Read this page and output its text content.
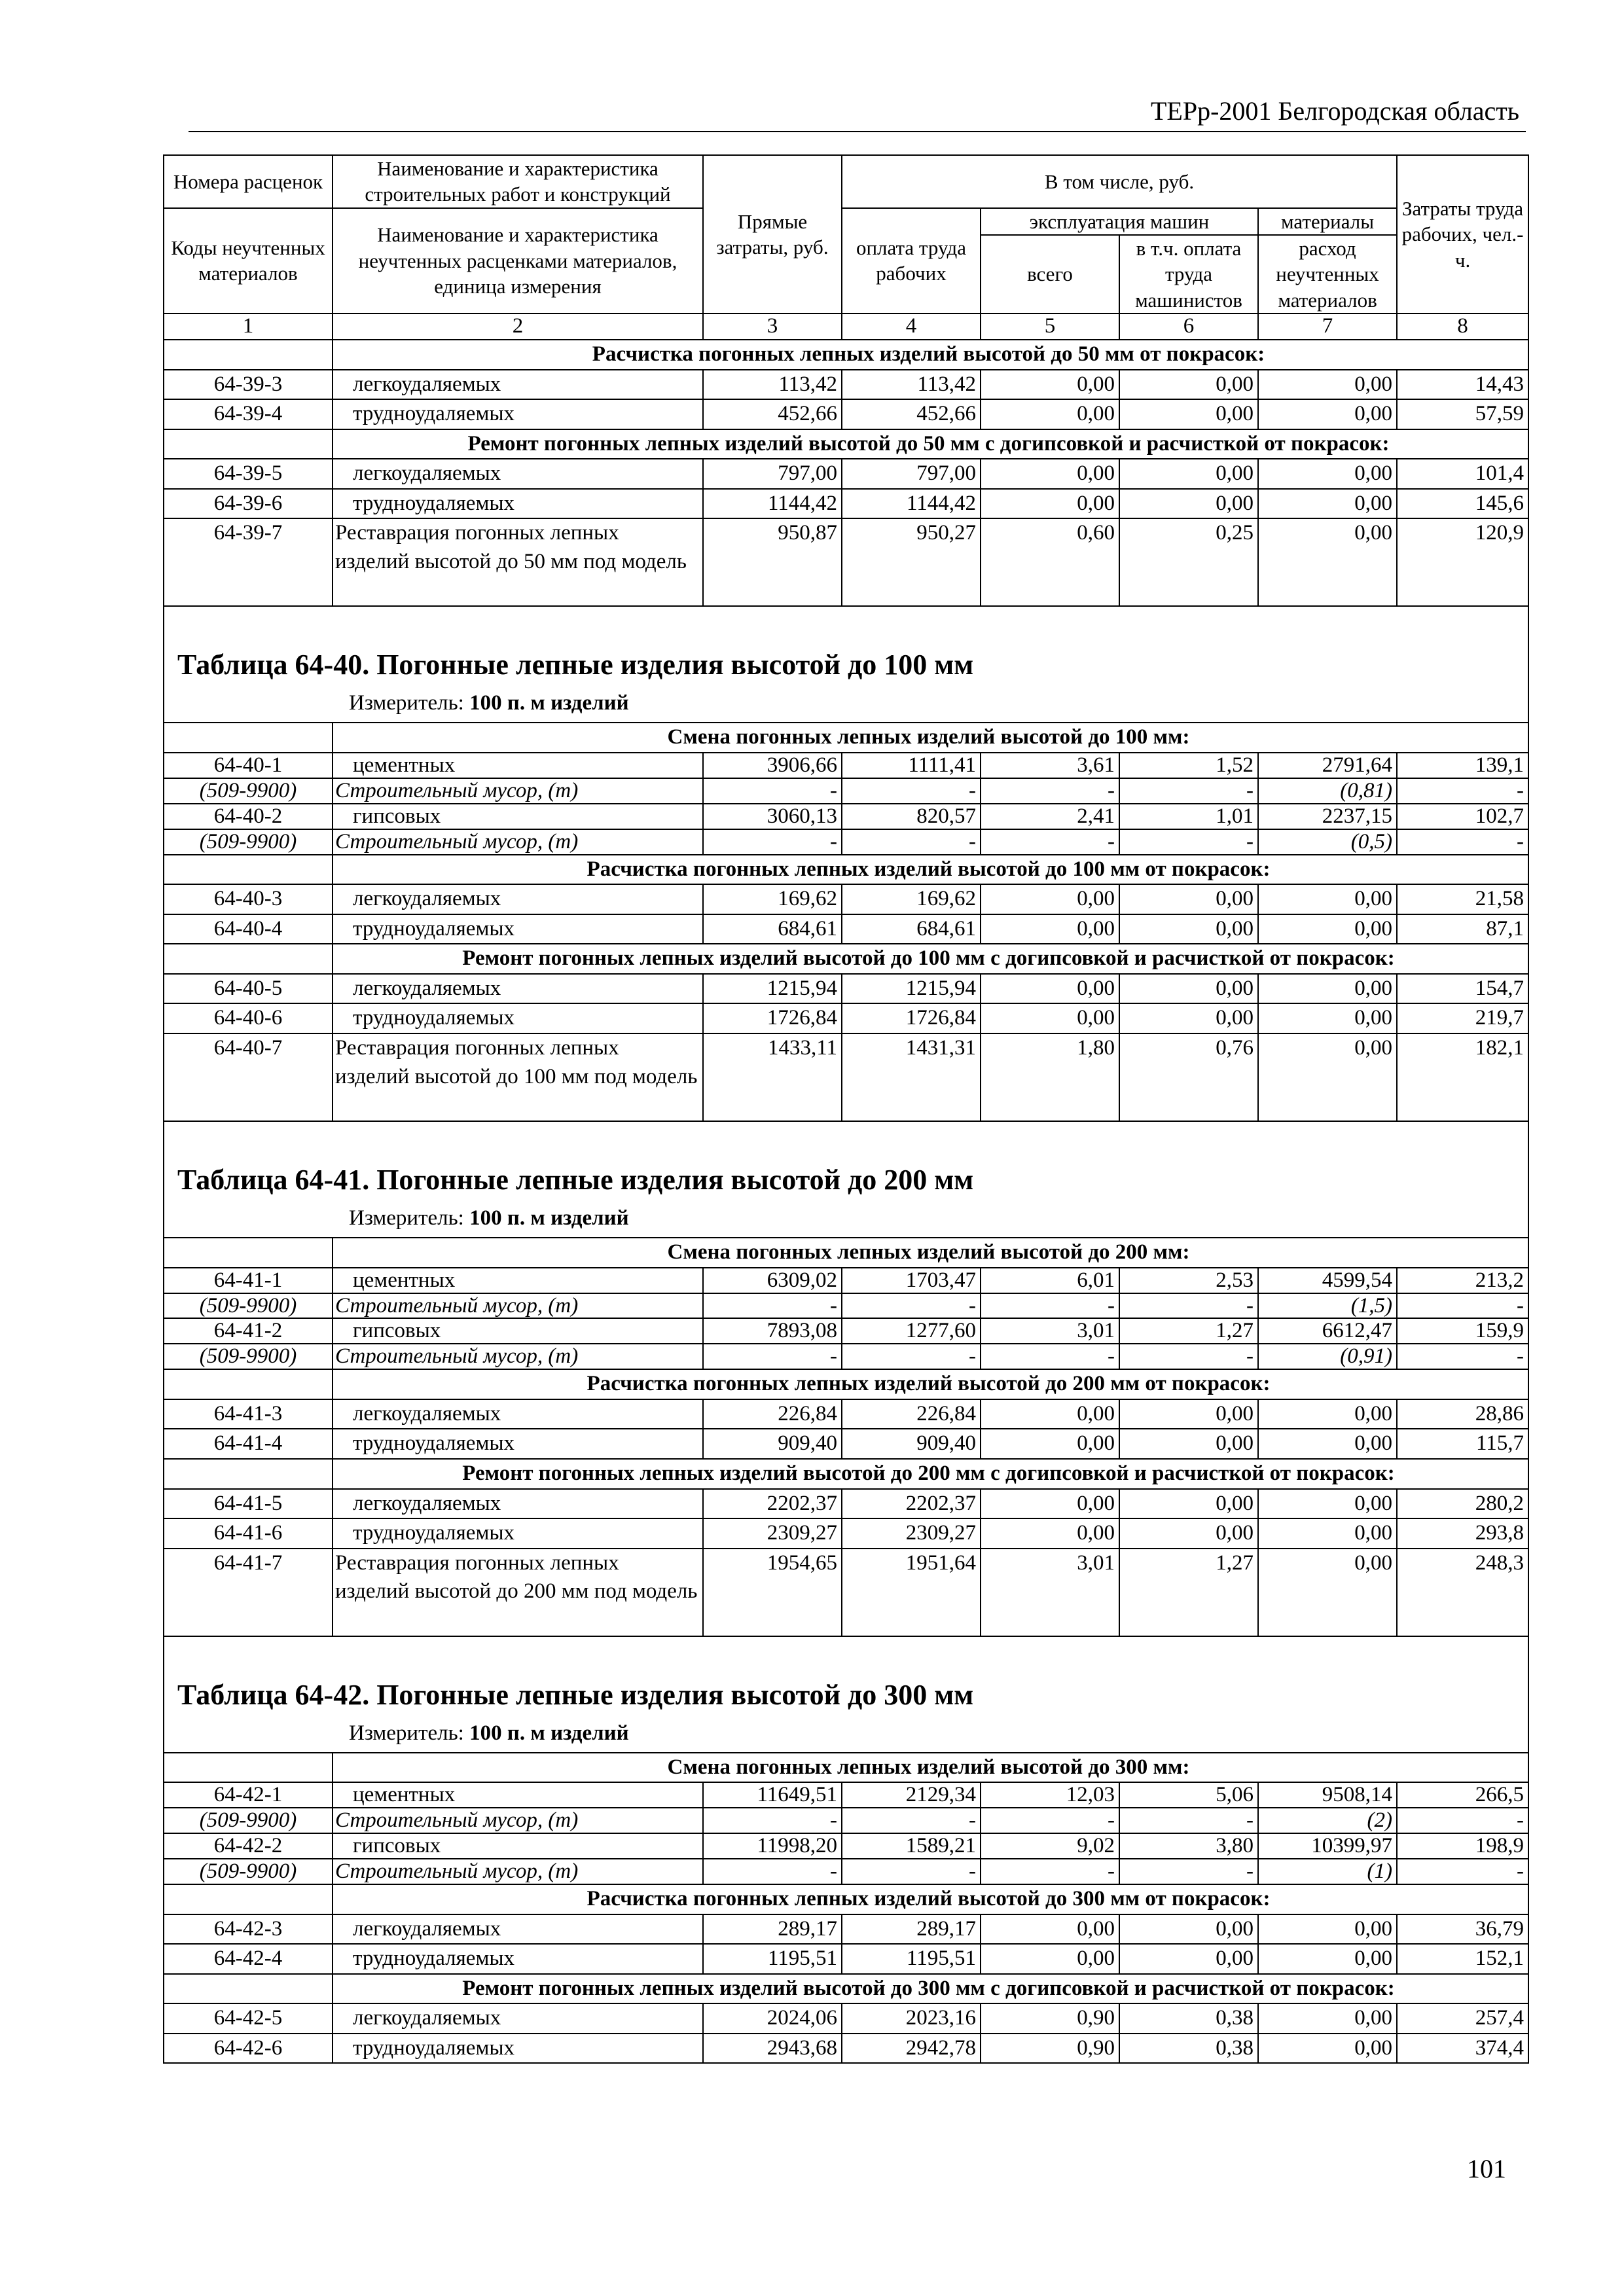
ТЕРр-2001 Белгородская область
Номера расценок	Наименование и характеристика строительных работ и конструкций	Прямые затраты, руб.	В том числе, руб.				Затраты труда рабочих, чел.-ч.
Коды неучтенных материалов	Наименование и характеристика неучтенных расценками материалов, единица измерения		оплата труда рабочих	эксплуатация машин		материалы	
				всего	в т.ч. оплата труда машинистов	расход неучтенных материалов	
1	2	3	4	5	6	7	8
	Расчистка погонных лепных изделий высотой до 50 мм от покрасок:						
64-39-3	легкоудаляемых	113,42	113,42	0,00	0,00	0,00	14,43
64-39-4	трудноудаляемых	452,66	452,66	0,00	0,00	0,00	57,59
	Ремонт погонных лепных изделий высотой до 50 мм с догипсовкой и расчисткой от покрасок:						
64-39-5	легкоудаляемых	797,00	797,00	0,00	0,00	0,00	101,4
64-39-6	трудноудаляемых	1144,42	1144,42	0,00	0,00	0,00	145,6
64-39-7	Реставрация погонных лепных изделий высотой до 50 мм под модель	950,87	950,27	0,60	0,25	0,00	120,9

Таблица 64-40. Погонные лепные изделия высотой до 100 мм							
Измеритель: 100 п. м изделий							
	Смена погонных лепных изделий высотой до 100 мм:						
64-40-1	цементных	3906,66	1111,41	3,61	1,52	2791,64	139,1
(509-9900)	Строительный мусор, (т)	-	-	-	-	(0,81)	-
64-40-2	гипсовых	3060,13	820,57	2,41	1,01	2237,15	102,7
(509-9900)	Строительный мусор, (т)	-	-	-	-	(0,5)	-
	Расчистка погонных лепных изделий высотой до 100 мм от покрасок:						
64-40-3	легкоудаляемых	169,62	169,62	0,00	0,00	0,00	21,58
64-40-4	трудноудаляемых	684,61	684,61	0,00	0,00	0,00	87,1
	Ремонт погонных лепных изделий высотой до 100 мм с догипсовкой и расчисткой от покрасок:						
64-40-5	легкоудаляемых	1215,94	1215,94	0,00	0,00	0,00	154,7
64-40-6	трудноудаляемых	1726,84	1726,84	0,00	0,00	0,00	219,7
64-40-7	Реставрация погонных лепных изделий высотой до 100 мм под модель	1433,11	1431,31	1,80	0,76	0,00	182,1

Таблица 64-41. Погонные лепные изделия высотой до 200 мм							
Измеритель: 100 п. м изделий							
	Смена погонных лепных изделий высотой до 200 мм:						
64-41-1	цементных	6309,02	1703,47	6,01	2,53	4599,54	213,2
(509-9900)	Строительный мусор, (т)	-	-	-	-	(1,5)	-
64-41-2	гипсовых	7893,08	1277,60	3,01	1,27	6612,47	159,9
(509-9900)	Строительный мусор, (т)	-	-	-	-	(0,91)	-
	Расчистка погонных лепных изделий высотой до 200 мм от покрасок:						
64-41-3	легкоудаляемых	226,84	226,84	0,00	0,00	0,00	28,86
64-41-4	трудноудаляемых	909,40	909,40	0,00	0,00	0,00	115,7
	Ремонт погонных лепных изделий высотой до 200 мм с догипсовкой и расчисткой от покрасок:						
64-41-5	легкоудаляемых	2202,37	2202,37	0,00	0,00	0,00	280,2
64-41-6	трудноудаляемых	2309,27	2309,27	0,00	0,00	0,00	293,8
64-41-7	Реставрация погонных лепных изделий высотой до 200 мм под модель	1954,65	1951,64	3,01	1,27	0,00	248,3

Таблица 64-42. Погонные лепные изделия высотой до 300 мм							
Измеритель: 100 п. м изделий							
	Смена погонных лепных изделий высотой до 300 мм:						
64-42-1	цементных	11649,51	2129,34	12,03	5,06	9508,14	266,5
(509-9900)	Строительный мусор, (т)	-	-	-	-	(2)	-
64-42-2	гипсовых	11998,20	1589,21	9,02	3,80	10399,97	198,9
(509-9900)	Строительный мусор, (т)	-	-	-	-	(1)	-
	Расчистка погонных лепных изделий высотой до 300 мм от покрасок:						
64-42-3	легкоудаляемых	289,17	289,17	0,00	0,00	0,00	36,79
64-42-4	трудноудаляемых	1195,51	1195,51	0,00	0,00	0,00	152,1
	Ремонт погонных лепных изделий высотой до 300 мм с догипсовкой и расчисткой от покрасок:						
64-42-5	легкоудаляемых	2024,06	2023,16	0,90	0,38	0,00	257,4
64-42-6	трудноудаляемых	2943,68	2942,78	0,90	0,38	0,00	374,4
101
